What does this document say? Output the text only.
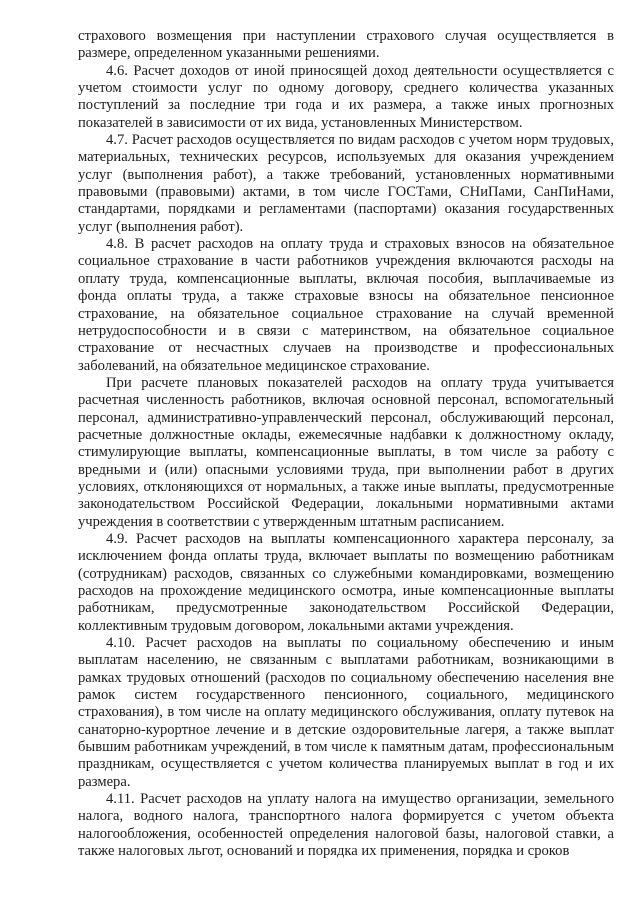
страхового возмещения при наступлении страхового случая осуществляется в размере, определенном указанными решениями.

4.6. Расчет доходов от иной приносящей доход деятельности осуществляется с учетом стоимости услуг по одному договору, среднего количества указанных поступлений за последние три года и их размера, а также иных прогнозных показателей в зависимости от их вида, установленных Министерством.

4.7. Расчет расходов осуществляется по видам расходов с учетом норм трудовых, материальных, технических ресурсов, используемых для оказания учреждением услуг (выполнения работ), а также требований, установленных нормативными правовыми (правовыми) актами, в том числе ГОСТами, СНиПами, СанПиНами, стандартами, порядками и регламентами (паспортами) оказания государственных услуг (выполнения работ).

4.8. В расчет расходов на оплату труда и страховых взносов на обязательное социальное страхование в части работников учреждения включаются расходы на оплату труда, компенсационные выплаты, включая пособия, выплачиваемые из фонда оплаты труда, а также страховые взносы на обязательное пенсионное страхование, на обязательное социальное страхование на случай временной нетрудоспособности и в связи с материнством, на обязательное социальное страхование от несчастных случаев на производстве и профессиональных заболеваний, на обязательное медицинское страхование.

При расчете плановых показателей расходов на оплату труда учитывается расчетная численность работников, включая основной персонал, вспомогательный персонал, административно-управленческий персонал, обслуживающий персонал, расчетные должностные оклады, ежемесячные надбавки к должностному окладу, стимулирующие выплаты, компенсационные выплаты, в том числе за работу с вредными и (или) опасными условиями труда, при выполнении работ в других условиях, отклоняющихся от нормальных, а также иные выплаты, предусмотренные законодательством Российской Федерации, локальными нормативными актами учреждения в соответствии с утвержденным штатным расписанием.

4.9. Расчет расходов на выплаты компенсационного характера персоналу, за исключением фонда оплаты труда, включает выплаты по возмещению работникам (сотрудникам) расходов, связанных со служебными командировками, возмещению расходов на прохождение медицинского осмотра, иные компенсационные выплаты работникам, предусмотренные законодательством Российской Федерации, коллективным трудовым договором, локальными актами учреждения.

4.10. Расчет расходов на выплаты по социальному обеспечению и иным выплатам населению, не связанным с выплатами работникам, возникающими в рамках трудовых отношений (расходов по социальному обеспечению населения вне рамок систем государственного пенсионного, социального, медицинского страхования), в том числе на оплату медицинского обслуживания, оплату путевок на санаторно-курортное лечение и в детские оздоровительные лагеря, а также выплат бывшим работникам учреждений, в том числе к памятным датам, профессиональным праздникам, осуществляется с учетом количества планируемых выплат в год и их размера.

4.11. Расчет расходов на уплату налога на имущество организации, земельного налога, водного налога, транспортного налога формируется с учетом объекта налогообложения, особенностей определения налоговой базы, налоговой ставки, а также налоговых льгот, оснований и порядка их применения, порядка и сроков
